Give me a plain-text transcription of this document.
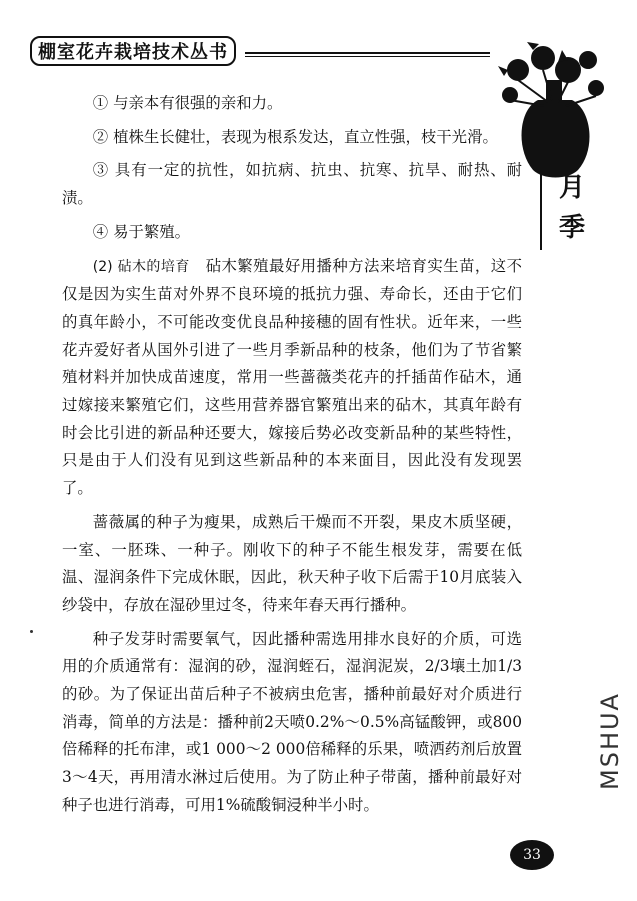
棚室花卉栽培技术丛书
月季

① 与亲本有很强的亲和力。

② 植株生长健壮，表现为根系发达，直立性强，枝干光滑。

③ 具有一定的抗性，如抗病、抗虫、抗寒、抗旱、耐热、耐渍。

④ 易于繁殖。

(2) 砧木的培育　 砧木繁殖最好用播种方法来培育实生苗，这不仅是因为实生苗对外界不良环境的抵抗力强、寿命长，还由于它们的真年龄小，不可能改变优良品种接穗的固有性状。近年来，一些花卉爱好者从国外引进了一些月季新品种的枝条，他们为了节省繁殖材料并加快成苗速度，常用一些蔷薇类花卉的扦插苗作砧木，通过嫁接来繁殖它们，这些用营养器官繁殖出来的砧木，其真年龄有时会比引进的新品种还要大，嫁接后势必改变新品种的某些特性，只是由于人们没有见到这些新品种的本来面目，因此没有发现罢了。

蔷薇属的种子为瘦果，成熟后干燥而不开裂，果皮木质坚硬，一室、一胚珠、一种子。刚收下的种子不能生根发芽，需要在低温、湿润条件下完成休眠，因此，秋天种子收下后需于10月底装入纱袋中，存放在湿砂里过冬，待来年春天再行播种。

种子发芽时需要氧气，因此播种需选用排水良好的介质，可选用的介质通常有：湿润的砂，湿润蛭石，湿润泥炭，2/3壤土加1/3的砂。为了保证出苗后种子不被病虫危害，播种前最好对介质进行消毒，简单的方法是：播种前2天喷0.2%～0.5%高锰酸钾，或800倍稀释的托布津，或1 000～2 000倍稀释的乐果，喷洒药剂后放置3～4天，再用清水淋过后使用。为了防止种子带菌，播种前最好对种子也进行消毒，可用1%硫酸铜浸种半小时。

33
MSHUA
